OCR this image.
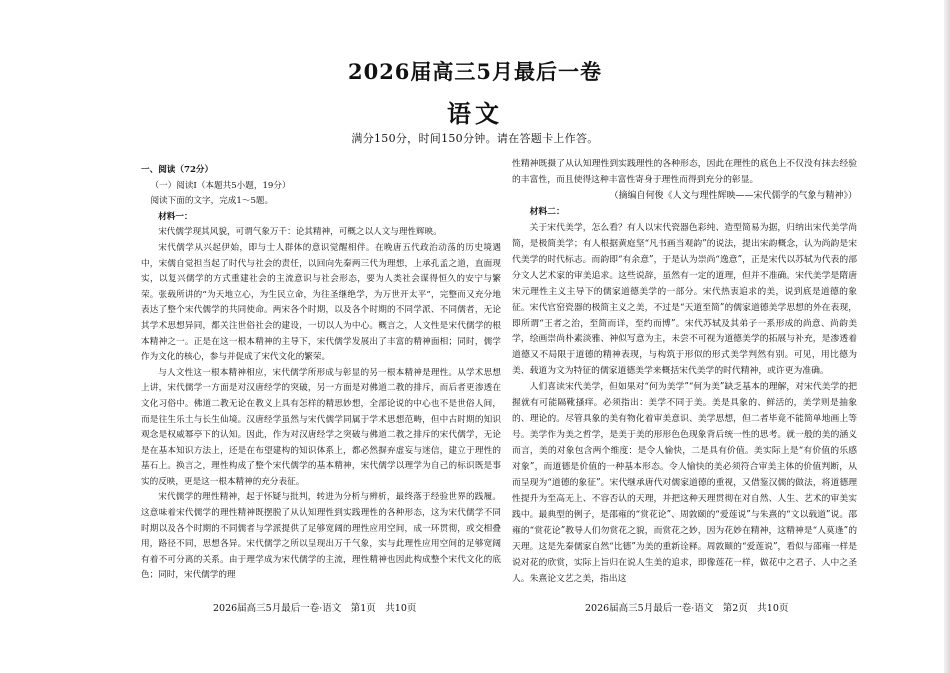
2026届高三5月最后一卷
语文
满分150分，时间150分钟。请在答题卡上作答。

一、阅读（72分）

（一）阅读Ⅰ（本题共5小题，19分）

阅读下面的文字，完成1～5题。

材料一：

宋代儒学现其风貌，可谓气象万千：论其精神，可概之以人文与理性辉映。

宋代儒学从兴起伊始，即与士人群体的意识觉醒相伴。在晚唐五代政治动荡的历史境遇中，宋儒自觉担当起了时代与社会的责任，以回向先秦两三代为理想，上承孔孟之道，直面现实，以复兴儒学的方式重建社会的主流意识与社会形态，要为人类社会谋得恒久的安宁与繁荣。张载所讲的“为天地立心，为生民立命，为往圣继绝学，为万世开太平”，完整而又充分地表达了整个宋代儒学的共同使命。两宋各个时期，以及各个时期的不同学派、不同儒者，无论其学术思想异同，都关注世俗社会的建设，一切以人为中心。概言之，人文性是宋代儒学的根本精神之一。正是在这一根本精神的主导下，宋代儒学发展出了丰富的精神面相；同时，儒学作为文化的核心，参与并促成了宋代文化的繁荣。

与人文性这一根本精神相应，宋代儒学所形成与彰显的另一根本精神是理性。从学术思想上讲，宋代儒学一方面是对汉唐经学的突破，另一方面是对佛道二教的排斥，而后者更渗透在文化习俗中。佛道二教无论在教义上具有怎样的精思妙想，全部论说的中心也不是世俗人间，而是往生乐土与长生仙境。汉唐经学虽然与宋代儒学同属于学术思想范畴，但中古时期的知识观念是权威幂亭下的认知。因此，作为对汉唐经学之突破与佛道二教之排斥的宋代儒学，无论是在基本知识方法上，还是在布望建构的知识体系上，都必然摒弃虚妄与迷信，建立于理性的基石上。换言之，理性构成了整个宋代儒学的基本精神，宋代儒学以理学为自己的标识既是事实的反映，更是这一根本精神的充分表征。

宋代儒学的理性精神，起于怀疑与批判，转进为分析与辨析，最终落于经验世界的践履。这意味着宋代儒学的理性精神既摆脱了从认知理性到实践理性的各种形态，这为宋代儒学不同时期以及各个时期的不同儒者与学派提供了足够宽阔的理性应用空间，成一环贯彻，或交相叠用，路径不同，思想各异。宋代儒学之所以呈现出万千气象，实与此理性应用空间的足够宽阔有着不可分离的关系。由于理学成为宋代儒学的主流，理性精神也因此构成整个宋代文化的底色；同时，宋代儒学的理

性精神既摄了从认知理性到实践理性的各种形态，因此在理性的底色上不仅没有抹去经验的丰富性，而且使得这种丰富性寄身于理性而得到充分的彰显。

（摘编自何俊《人文与理性辉映——宋代儒学的气象与精神》）

材料二：

关于宋代美学，怎么看？有人以宋代瓷器色彩纯、造型简易为据，归纳出宋代美学尚简，是极简美学；有人根据黄庭坚“凡书画当观韵”的说法，提出宋韵概念，认为尚韵是宋代美学的时代标志。而韵即“有余意”，于是认为崇尚“逸意”，正是宋代以苏轼为代表的部分文人艺术家的审美追求。这些说辞，虽然有一定的道理，但并不准确。宋代美学是隋唐宋元理性主义主导下的儒家道德美学的一部分。宋代热衷追求的美，说到底是道德的象征。宋代官窑瓷器的极简主义之美，不过是“天道至简”的儒家道德美学思想的外在表现，即所谓“王者之治，至简而详，至约而博”。宋代苏轼及其弟子一系形成的尚意、尚韵美学，绘画崇尚朴素淡雅、神似写意为主，未尝不可视为道德美学的拓展与补充，是渗透着道德又不局限于道德的精神表现，与构筑于形似的形式美学判然有别。可见，用比德为美、载道为文为特征的儒家道德美学来概括宋代美学的时代精神，或许更为准确。

人们喜读宋代美学，但如果对“何为美学”“何为美”缺乏基本的理解，对宋代美学的把握就有可能隔靴搔痒。必须指出：美学不同于美。美是具象的、鲜活的，美学则是抽象的、理论的。尽管具象的美有物化着审美意识、美学思想，但二者毕竟不能简单地画上等号。美学作为美之哲学，是美于美的形形色色现象背后统一性的思考。就一般的美的涵义而言，美的对象包含两个维度：是令人愉快，二是具有价值。美实际上是“有价值的乐感对象”，而道德是价值的一种基本形态。令人愉快的美必须符合审美主体的价值判断，从而呈现为“道德的象征”。宋代继承唐代对儒家道德的重视，又借鉴汉儒的做法，将道德理性提升为至高无上、不容否认的天理，并把这种天理贯彻在对自然、人生、艺术的审美实践中。最典型的例子，是邵雍的“赏花论”、周敦颐的“爱莲说”与朱熹的“文以载道”说。邵雍的“赏花论”教导人们勿赏花之貌，而赏花之妙，因为花妙在精神，这精神是“人莫逢”的天理。这是先秦儒家自然“比德”为美的重新诠释。周敦颐的“爱莲说”，看似与邵雍一样是说对花的欣赏，实际上旨归在说人生美的追求，即像莲花一样，做花中之君子、人中之圣人。朱熹论文艺之美，指出这

2026届高三5月最后一卷·语文　第1页　共10页	2026届高三5月最后一卷·语文　第2页　共10页
